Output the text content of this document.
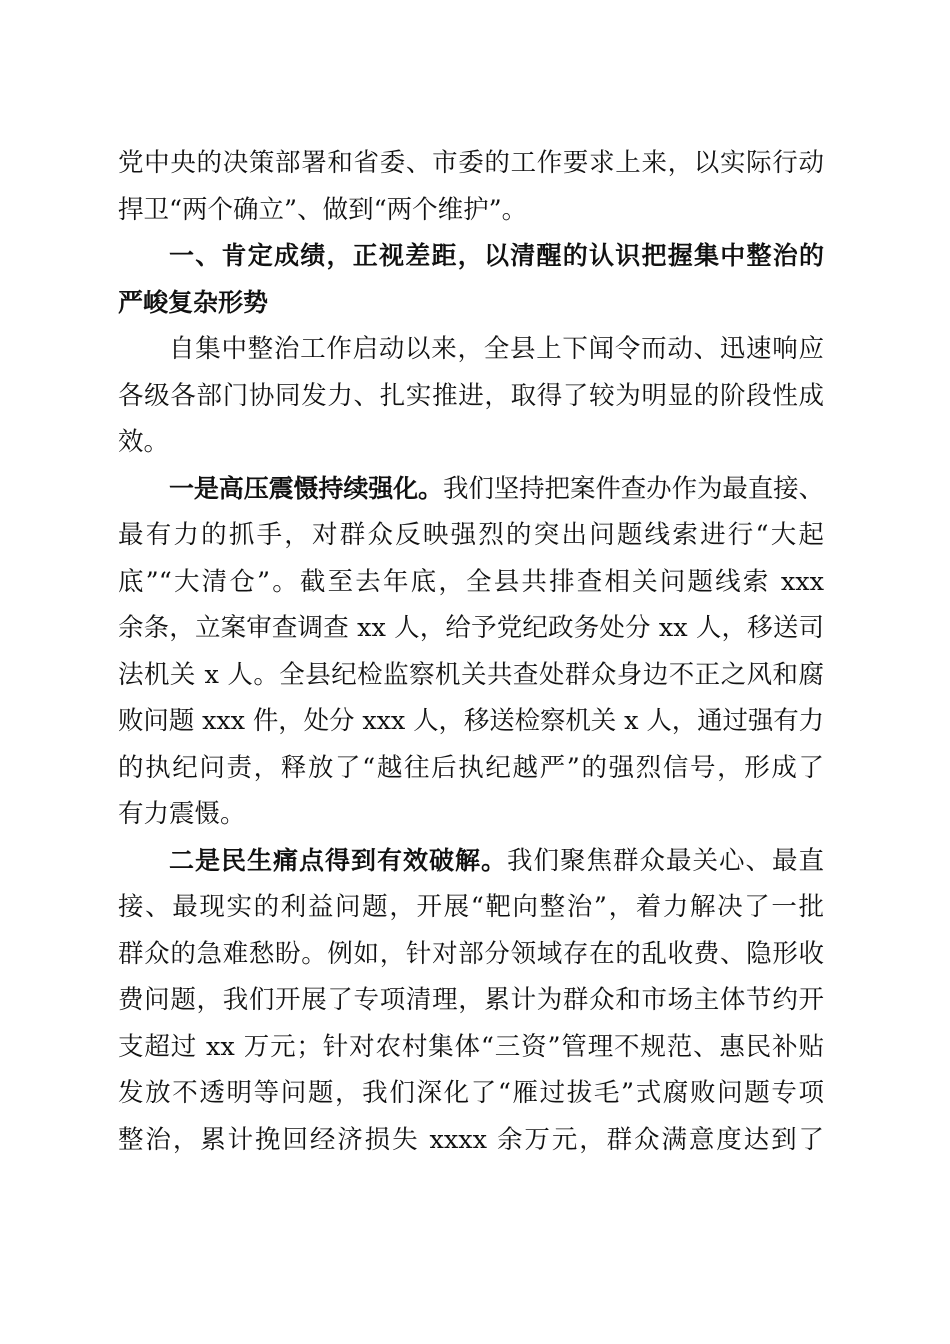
党中央的决策部署和省委、市委的工作要求上来，以实际行动
捍卫“两个确立”、做到“两个维护”。
一、肯定成绩，正视差距，以清醒的认识把握集中整治的
严峻复杂形势
自集中整治工作启动以来，全县上下闻令而动、迅速响应
各级各部门协同发力、扎实推进，取得了较为明显的阶段性成
效。
一是高压震慑持续强化。我们坚持把案件查办作为最直接、
最有力的抓手，对群众反映强烈的突出问题线索进行“大起
底”“大清仓”。截至去年底，全县共排查相关问题线索 xxx
余条，立案审查调查 xx 人，给予党纪政务处分 xx 人，移送司
法机关 x 人。全县纪检监察机关共查处群众身边不正之风和腐
败问题 xxx 件，处分 xxx 人，移送检察机关 x 人，通过强有力
的执纪问责，释放了“越往后执纪越严”的强烈信号，形成了
有力震慑。
二是民生痛点得到有效破解。我们聚焦群众最关心、最直
接、最现实的利益问题，开展“靶向整治”，着力解决了一批
群众的急难愁盼。例如，针对部分领域存在的乱收费、隐形收
费问题，我们开展了专项清理，累计为群众和市场主体节约开
支超过 xx 万元；针对农村集体“三资”管理不规范、惠民补贴
发放不透明等问题，我们深化了“雁过拔毛”式腐败问题专项
整治，累计挽回经济损失 xxxx 余万元，群众满意度达到了
